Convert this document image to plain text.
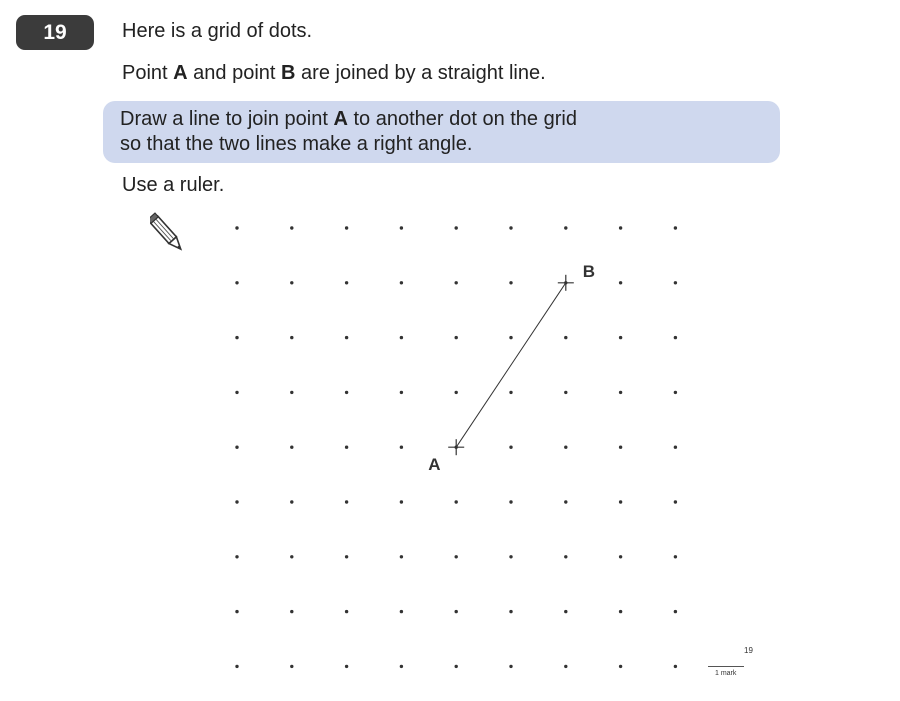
19	Here is a grid of dots.
Point A and point B are joined by a straight line.
Draw a line to join point A to another dot on the grid
so that the two lines make a right angle.
Use a ruler.
A
B
19
1 mark
